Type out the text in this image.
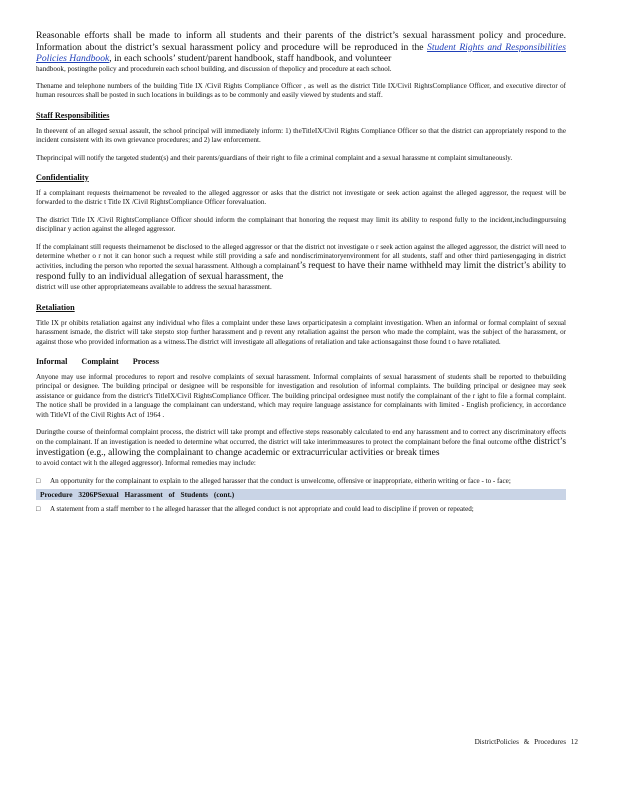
Reasonable efforts shall be made to inform all students and their parents of the district’s sexual harassment policy and procedure. Information about the district’s sexual harassment policy and procedure will be reproduced in the Student Rights and Responsibilities Policies Handbook, in each schools’ student/parent handbook, staff handbook, and volunteer

handbook, postingthe policy and procedurein each school building, and discussion of thepolicy and procedure at each school.

Thename and telephone numbers of the building Title IX /Civil Rights Compliance Officer , as well as the district Title IX/Civil RightsCompliance Officer, and executive director of human resources shall be posted in such locations in buildings as to be commonly and easily viewed by students and staff.

Staff Responsibilities

In theevent of an alleged sexual assault, the school principal will immediately inform: 1) theTitleIX/Civil Rights Compliance Officer so that the district can appropriately respond to the incident consistent with its own grievance procedures; and 2) law enforcement.

Theprincipal will notify the targeted student(s) and their parents/guardians of their right to file a criminal complaint and a sexual harassme nt complaint simultaneously.

Confidentiality

If a complainant requests theirnamenot be revealed to the alleged aggressor or asks that the district not investigate or seek action against the alleged aggressor, the request will be forwarded to the distric t Title IX /Civil RightsCompliance Officer forevaluation.

The district Title IX /Civil RightsCompliance Officer should inform the complainant that honoring the request may limit its ability to respond fully to the incident,includingpursuing disciplinar y action against the alleged aggressor.

If the complainant still requests theirnamenot be disclosed to the alleged aggressor or that the district not investigate o r seek action against the alleged aggressor, the district will need to determine whether o r not it can honor such a request while still providing a safe and nondiscriminatoryenvironment for all students, staff and other third partiesengaging in district activities, including the person who reported the sexual harassment. Although a complainant’s request to have their name withheld may limit the district’s ability to respond fully to an individual allegation of sexual harassment, the

district will use other appropriatemeans available to address the sexual harassment.

Retaliation

Title IX pr ohibits retaliation against any individual who files a complaint under these laws orparticipatesin a complaint investigation. When an informal or formal complaint of sexual harassment ismade, the district will take stepsto stop further harassment and p revent any retaliation against the person who made the complaint, was the subject of the harassment, or against those who provided information as a witness.The district will investigate all allegations of retaliation and take actionsagainst those found t o have retaliated.

Informal Complaint Process

Anyone may use informal procedures to report and resolve complaints of sexual harassment. Informal complaints of sexual harassment of students shall be reported to thebuilding principal or designee. The building principal or designee will be responsible for investigation and resolution of informal complaints. The building principal or designee may seek assistance or guidance from the district's TitleIX/Civil RightsCompliance Officer. The building principal ordesignee must notify the complainant of the r ight to file a formal complaint. The notice shall be provided in a language the complainant can understand, which may require language assistance for complainants with limited - English proficiency, in accordance with TitleVI of the Civil Rights Act of 1964 .

Duringthe course of theinformal complaint process, the district will take prompt and effective steps reasonably calculated to end any harassment and to correct any discriminatory effects on the complainant. If an investigation is needed to determine what occurred, the district will take interimmeasures to protect the complainant before the final outcome ofthe district’s investigation (e.g., allowing the complainant to change academic or extracurricular activities or break times

to avoid contact wit h the alleged aggressor). Informal remedies may include:

□	An opportunity for the complainant to explain to the alleged harasser that the conduct is unwelcome, offensive or inappropriate, eitherin writing or face - to - face;

Procedure 3206PSexual Harassment of Students (cont.)
□	A statement from a staff member to t he alleged harasser that the alleged conduct is not appropriate and could lead to discipline if proven or repeated;

DistrictPolicies & Procedures 12
